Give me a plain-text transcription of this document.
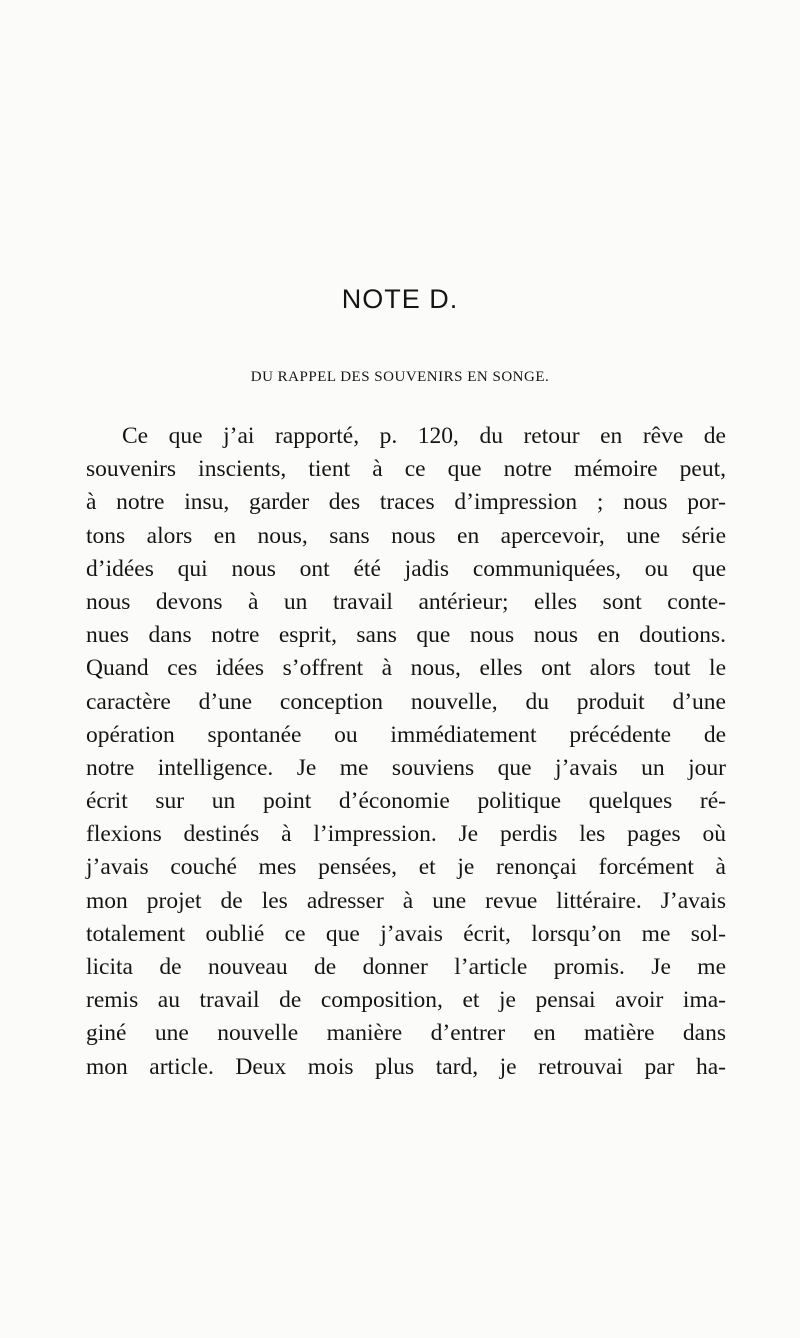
NOTE D.
DU RAPPEL DES SOUVENIRS EN SONGE.
Ce que j’ai rapporté, p. 120, du retour en rêve de
souvenirs inscients, tient à ce que notre mémoire peut,
à notre insu, garder des traces d’impression ; nous por-
tons alors en nous, sans nous en apercevoir, une série
d’idées qui nous ont été jadis communiquées, ou que
nous devons à un travail antérieur; elles sont conte-
nues dans notre esprit, sans que nous nous en doutions.
Quand ces idées s’offrent à nous, elles ont alors tout le
caractère d’une conception nouvelle, du produit d’une
opération spontanée ou immédiatement précédente de
notre intelligence. Je me souviens que j’avais un jour
écrit sur un point d’économie politique quelques ré-
flexions destinés à l’impression. Je perdis les pages où
j’avais couché mes pensées, et je renonçai forcément à
mon projet de les adresser à une revue littéraire. J’avais
totalement oublié ce que j’avais écrit, lorsqu’on me sol-
licita de nouveau de donner l’article promis. Je me
remis au travail de composition, et je pensai avoir ima-
giné une nouvelle manière d’entrer en matière dans
mon article. Deux mois plus tard, je retrouvai par ha-
